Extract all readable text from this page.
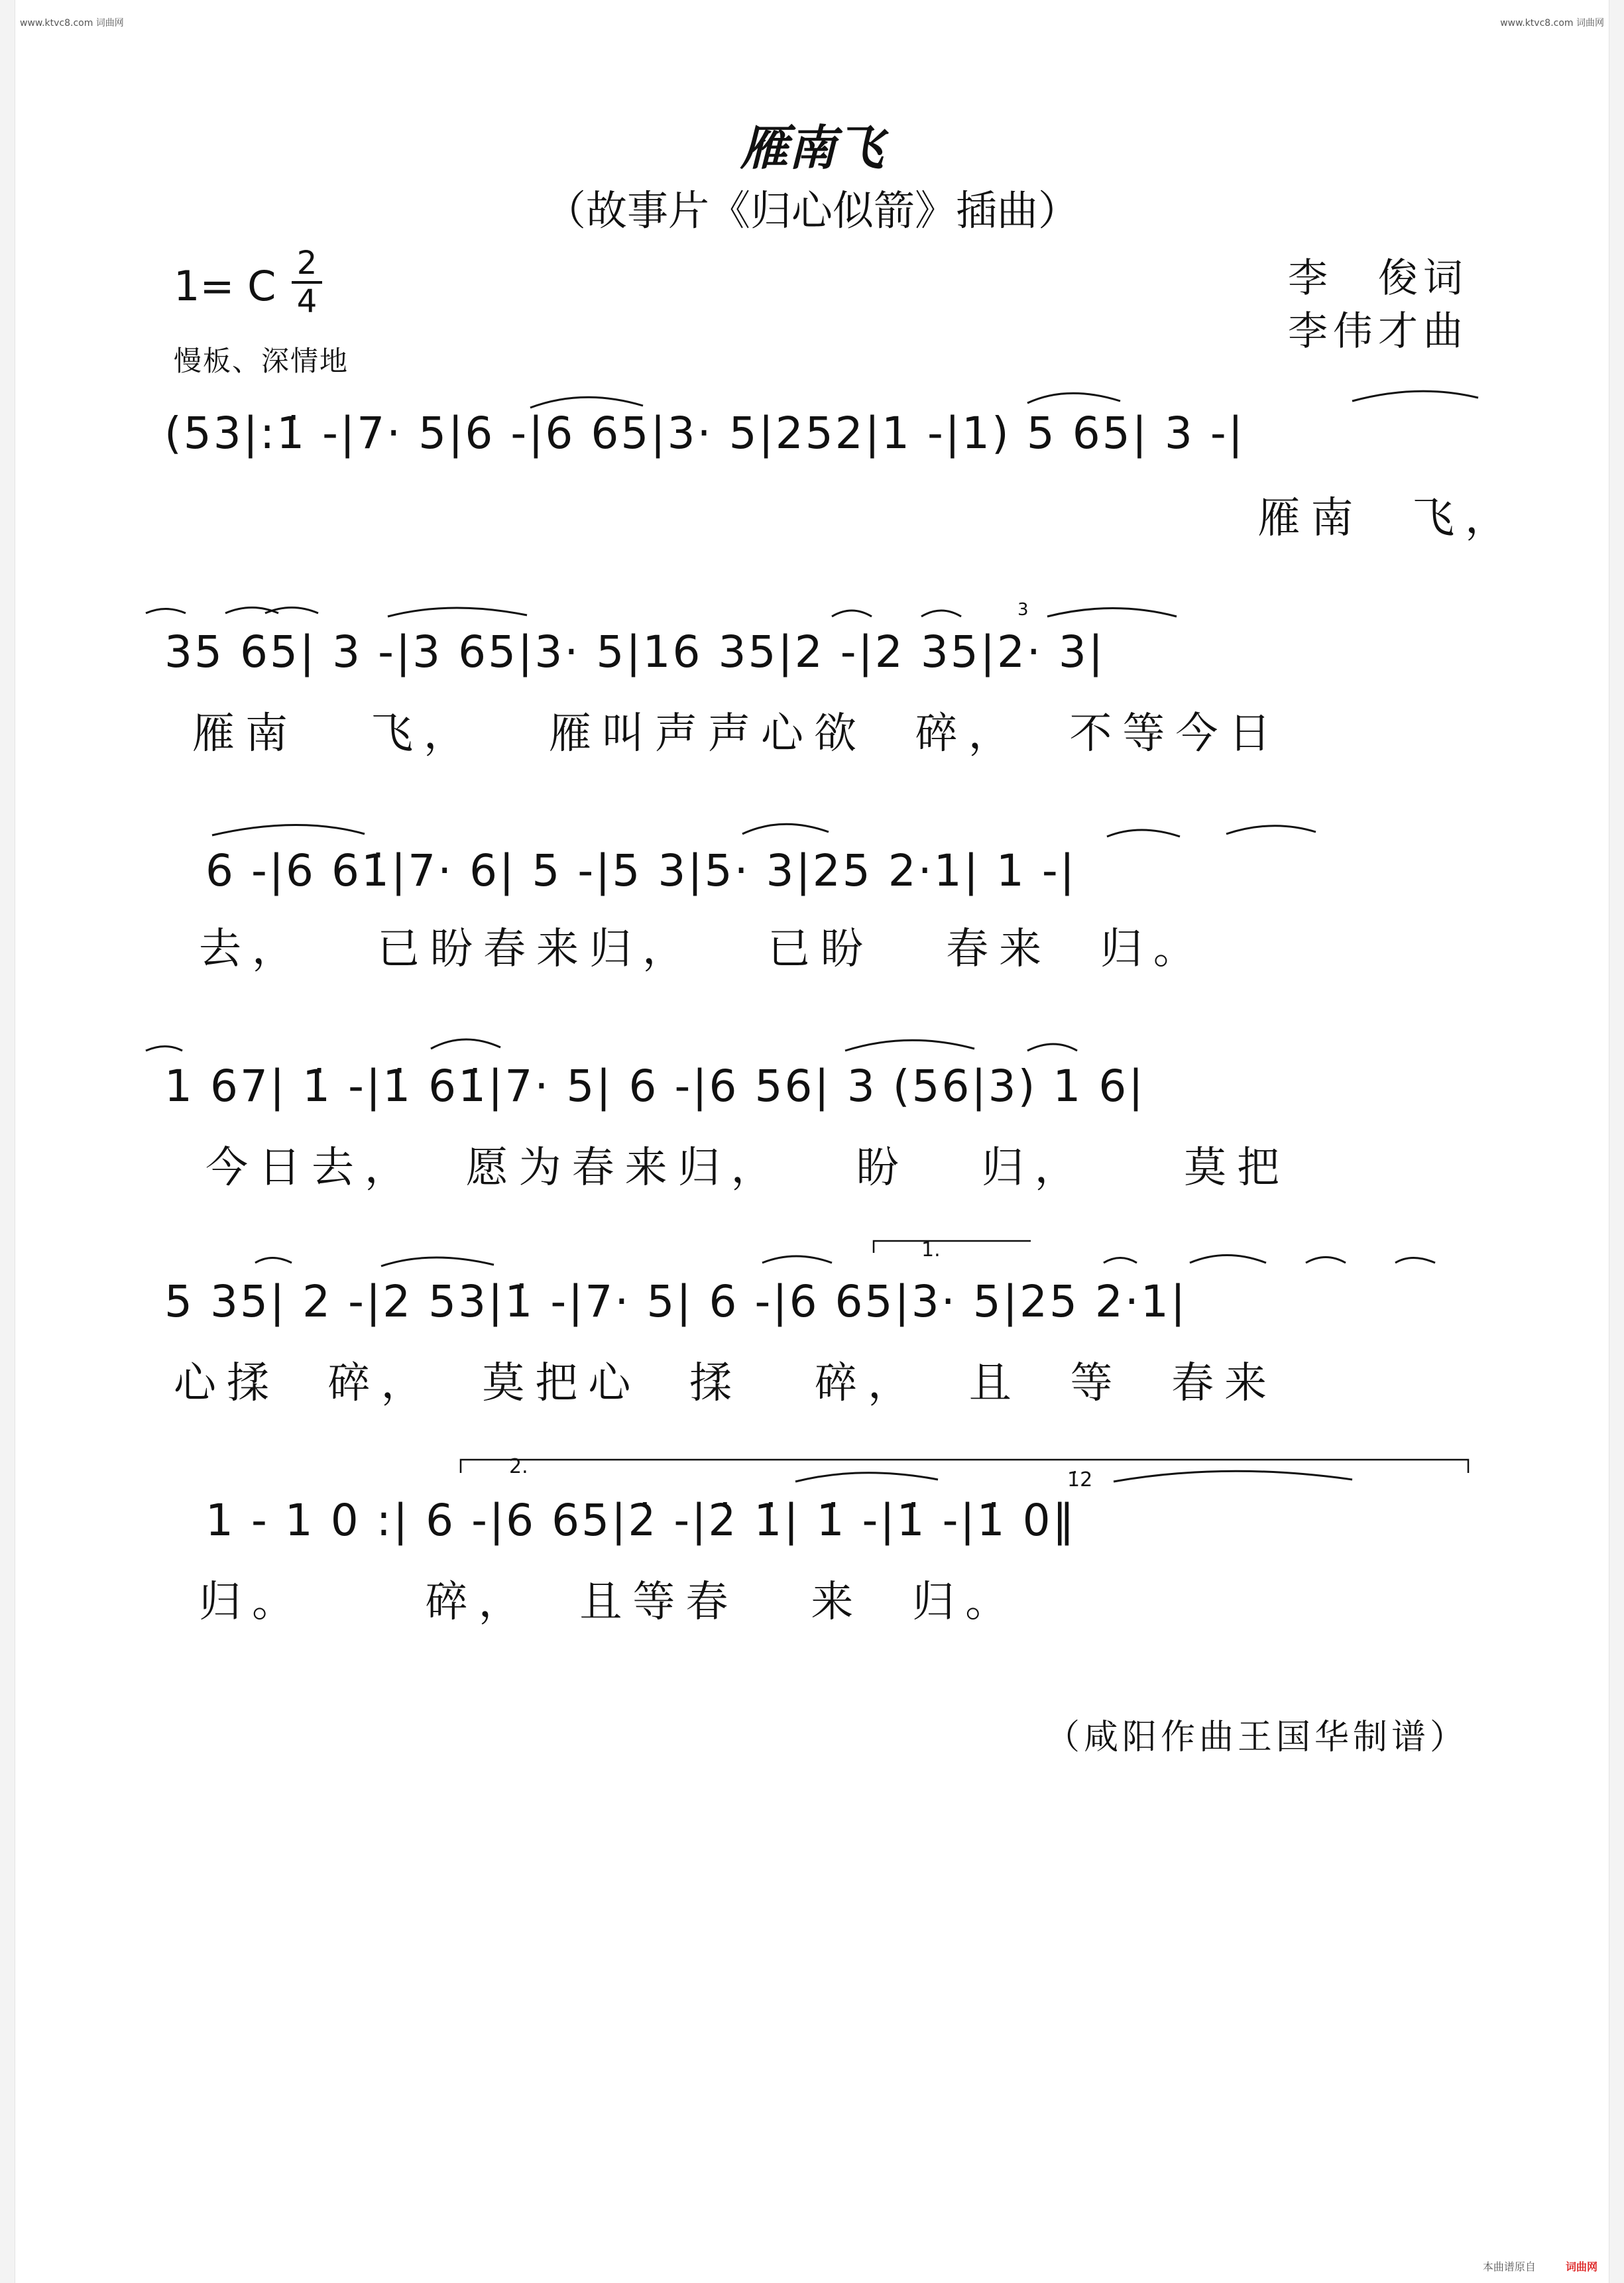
www.ktvc8.com 词曲网	www.ktvc8.com 词曲网
雁南飞
（故事片《归心似箭》插曲）
1= C 2
4	李　俊词
李伟才曲
慢板、深情地
(53|:1̇ -|7· 5|6 -|6 65|3· 5|252|1 -|1) 5 65| 3 -|
雁南  飞，
35 65| 3 -|3 65|3· 5|16 35|2 -|2 35|2· 3|
雁南   飞，   雁叫声声心欲  碎，  不等今日
3
6 -|6 61̇|7· 6| 5 -|5 3|5· 3|25 2·1| 1 -|
去，   已盼春来归，   已盼   春来  归。
1 67| 1̇ -|1̇ 61̇|7· 5| 6 -|6 56| 3 (56|3) 1 6|
今日去，  愿为春来归，   盼   归，    莫把
5 35| 2 -|2 53|1̇ -|7· 5| 6 -|6 65|3· 5|25 2·1|
心揉  碎，  莫把心  揉   碎，  且  等  春来
1.
1 - 1 0 :| 6 -|6 65|2̇ -|2̇ 1̇| 1̇ -|1̇ -|1̇ 0‖
归。     碎，  且等春   来  归。
2.
1̇2
（咸阳作曲王国华制谱）
本曲谱原自	词曲网
